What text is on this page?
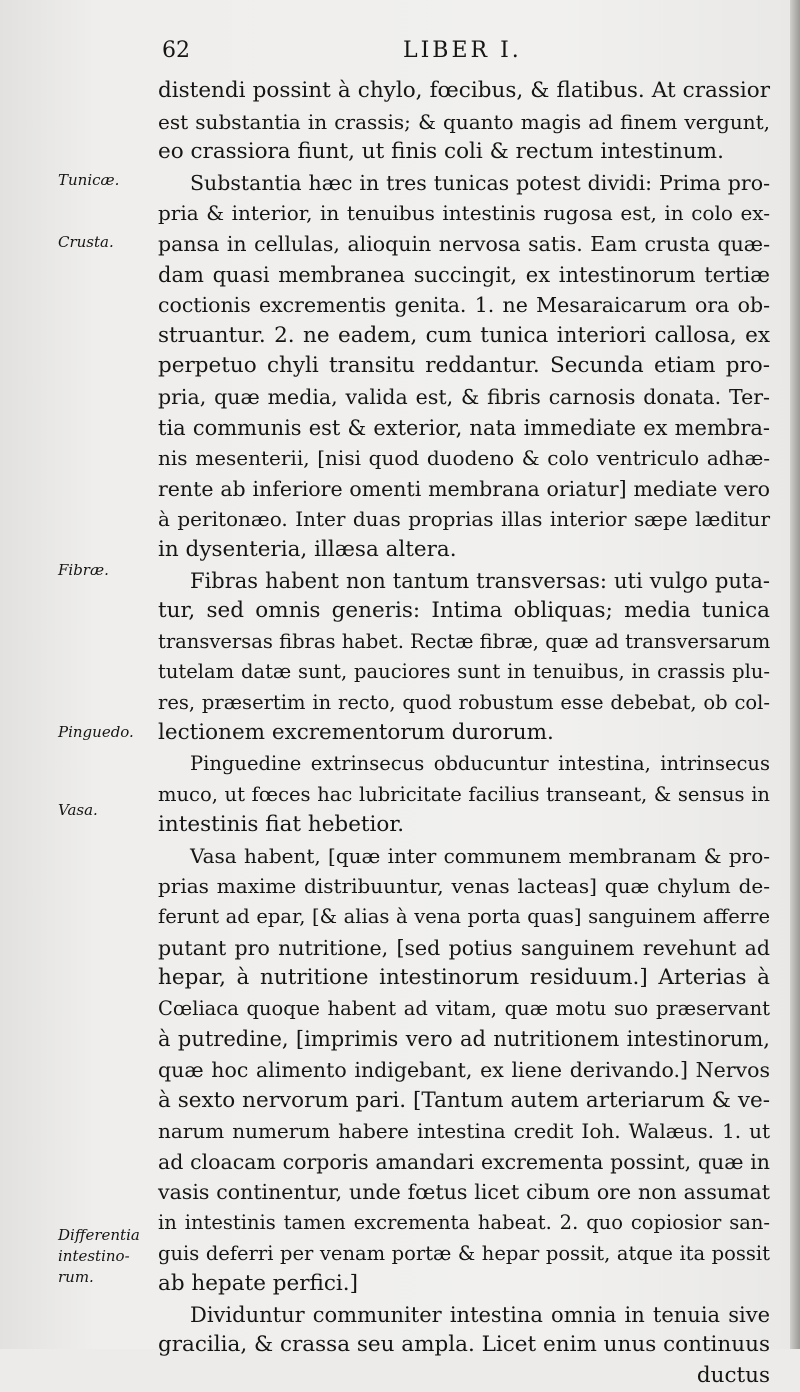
62	LIBER I.
Tunicæ.
Crusta.
Fibræ.
Pinguedo.
Vasa.
Differentia
intestino-
rum.
distendi possint à chylo, fœcibus, & flatibus. At crassior
est substantia in crassis; & quanto magis ad finem vergunt,
eo crassiora fiunt, ut finis coli & rectum intestinum.
Substantia hæc in tres tunicas potest dividi: Prima pro-
pria & interior, in tenuibus intestinis rugosa est, in colo ex-
pansa in cellulas, alioquin nervosa satis. Eam crusta quæ-
dam quasi membranea succingit, ex intestinorum tertiæ
coctionis excrementis genita. 1. ne Mesaraicarum ora ob-
struantur. 2. ne eadem, cum tunica interiori callosa, ex
perpetuo chyli transitu reddantur. Secunda etiam pro-
pria, quæ media, valida est, & fibris carnosis donata. Ter-
tia communis est & exterior, nata immediate ex membra-
nis mesenterii, [nisi quod duodeno & colo ventriculo adhæ-
rente ab inferiore omenti membrana oriatur] mediate vero
à peritonæo. Inter duas proprias illas interior sæpe læditur
in dysenteria, illæsa altera.
Fibras habent non tantum transversas: uti vulgo puta-
tur, sed omnis generis: Intima obliquas; media tunica
transversas fibras habet. Rectæ fibræ, quæ ad transversarum
tutelam datæ sunt, pauciores sunt in tenuibus, in crassis plu-
res, præsertim in recto, quod robustum esse debebat, ob col-
lectionem excrementorum durorum.
Pinguedine extrinsecus obducuntur intestina, intrinsecus
muco, ut fœces hac lubricitate facilius transeant, & sensus in
intestinis fiat hebetior.
Vasa habent, [quæ inter communem membranam & pro-
prias maxime distribuuntur, venas lacteas] quæ chylum de-
ferunt ad epar, [& alias à vena porta quas] sanguinem afferre
putant pro nutritione, [sed potius sanguinem revehunt ad
hepar, à nutritione intestinorum residuum.] Arterias à
Cœliaca quoque habent ad vitam, quæ motu suo præservant
à putredine, [imprimis vero ad nutritionem intestinorum,
quæ hoc alimento indigebant, ex liene derivando.] Nervos
à sexto nervorum pari. [Tantum autem arteriarum & ve-
narum numerum habere intestina credit Ioh. Walæus. 1. ut
ad cloacam corporis amandari excrementa possint, quæ in
vasis continentur, unde fœtus licet cibum ore non assumat
in intestinis tamen excrementa habeat. 2. quo copiosior san-
guis deferri per venam portæ & hepar possit, atque ita possit
ab hepate perfici.]
Dividuntur communiter intestina omnia in tenuia sive
gracilia, & crassa seu ampla. Licet enim unus continuus
ductus
